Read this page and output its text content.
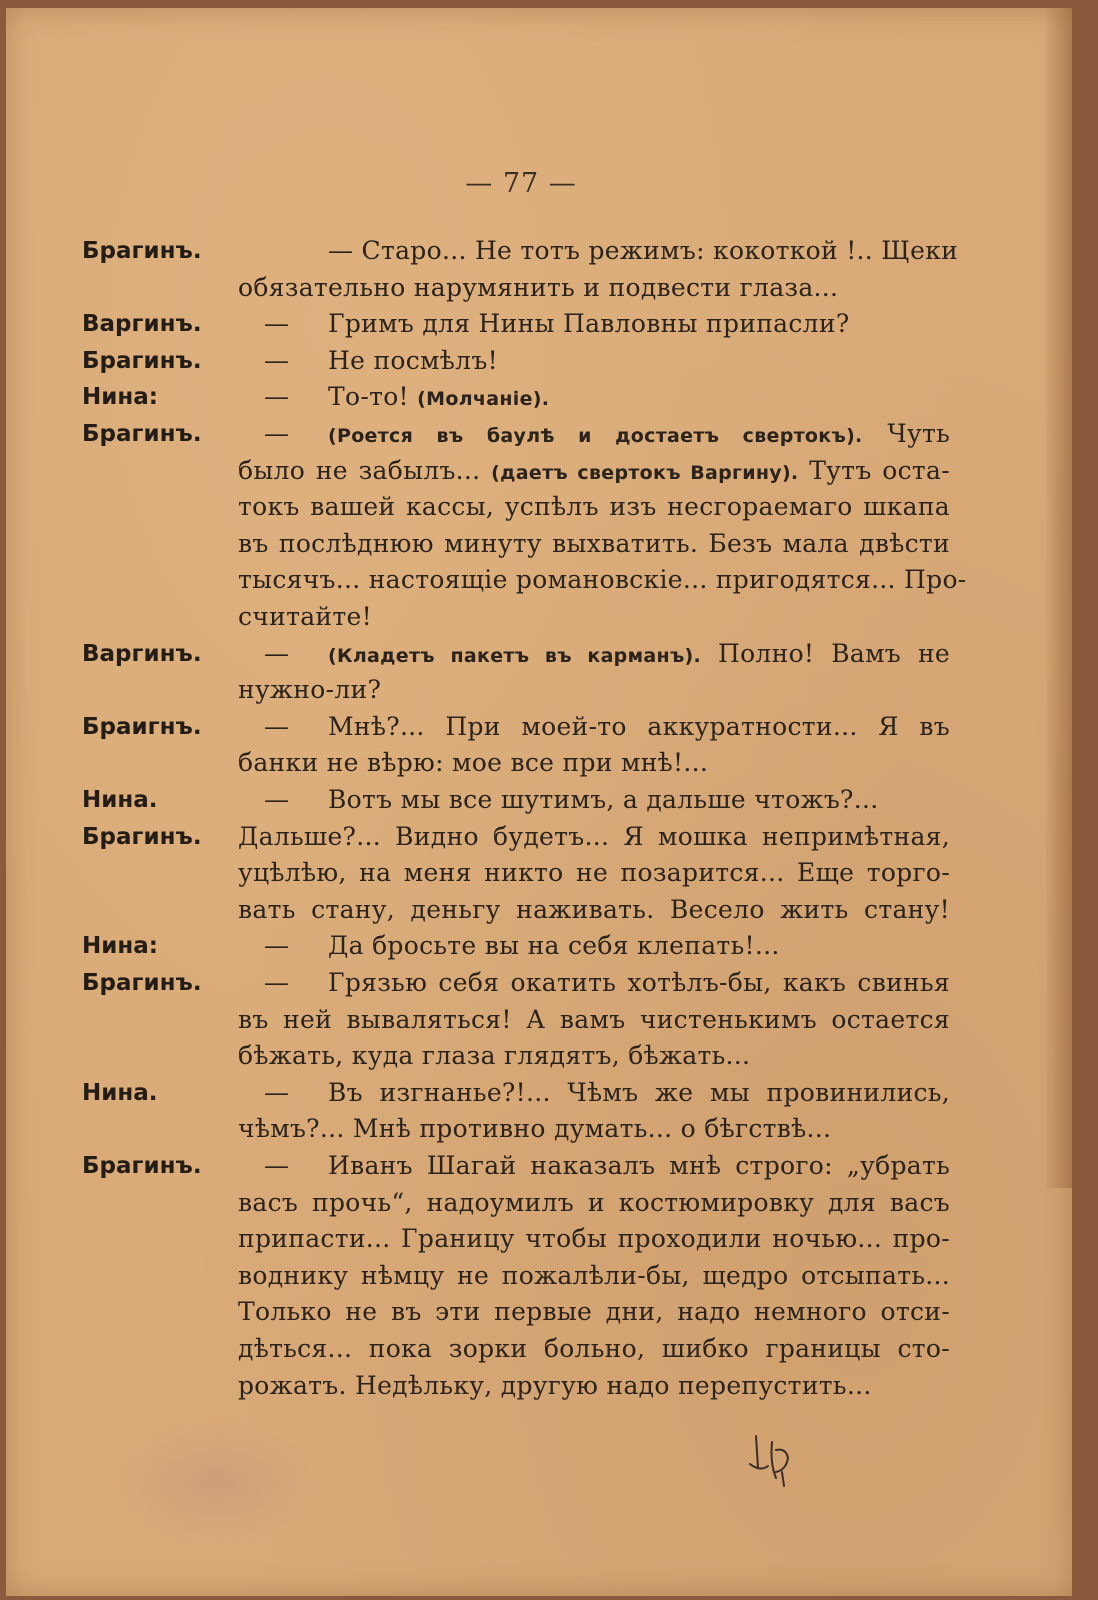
— 77 —
Брагинъ.	— Старо... Не тотъ режимъ: кокоткой !.. Щеки
обязательно нарумянить и подвести глаза...
Варгинъ. — Гримъ для Нины Павловны припасли?
Брагинъ. — Не посмѣлъ!
Нина:	— То-то! (Молчаніе).
Брагинъ. — (Роется въ баулѣ и достаетъ свертокъ). Чуть
было не забылъ... (даетъ свертокъ Варгину). Тутъ оста-
токъ вашей кассы, успѣлъ изъ несгораемаго шкапа
въ послѣднюю минуту выхватить. Безъ мала двѣсти
тысячъ... настоящіе романовскіе... пригодятся... Про-
считайте!
Варгинъ. — (Кладетъ пакетъ въ карманъ). Полно! Вамъ не
нужно-ли?
Браигнъ. — Мнѣ?... При моей-то аккуратности... Я въ
банки не вѣрю: мое все при мнѣ!...
Нина.	— Вотъ мы все шутимъ, а дальше чтожъ?...
Брагинъ. Дальше?... Видно будетъ... Я мошка непримѣтная,
уцѣлѣю, на меня никто не позарится... Еще торго-
вать стану, деньгу наживать. Весело жить стану!
Нина:	— Да бросьте вы на себя клепать!...
Брагинъ. — Грязью себя окатить хотѣлъ-бы, какъ свинья
въ ней вываляться! А вамъ чистенькимъ остается
бѣжать, куда глаза глядятъ, бѣжать...
Нина.	— Въ изгнанье?!... Чѣмъ же мы провинились,
чѣмъ?... Мнѣ противно думать... о бѣгствѣ...
Брагинъ. — Иванъ Шагай наказалъ мнѣ строго: „убрать
васъ прочь“, надоумилъ и костюмировку для васъ
припасти... Границу чтобы проходили ночью... про-
воднику нѣмцу не пожалѣли-бы, щедро отсыпать...
Только не въ эти первые дни, надо немного отси-
дѣться... пока зорки больно, шибко границы сто-
рожатъ. Недѣльку, другую надо перепустить...
